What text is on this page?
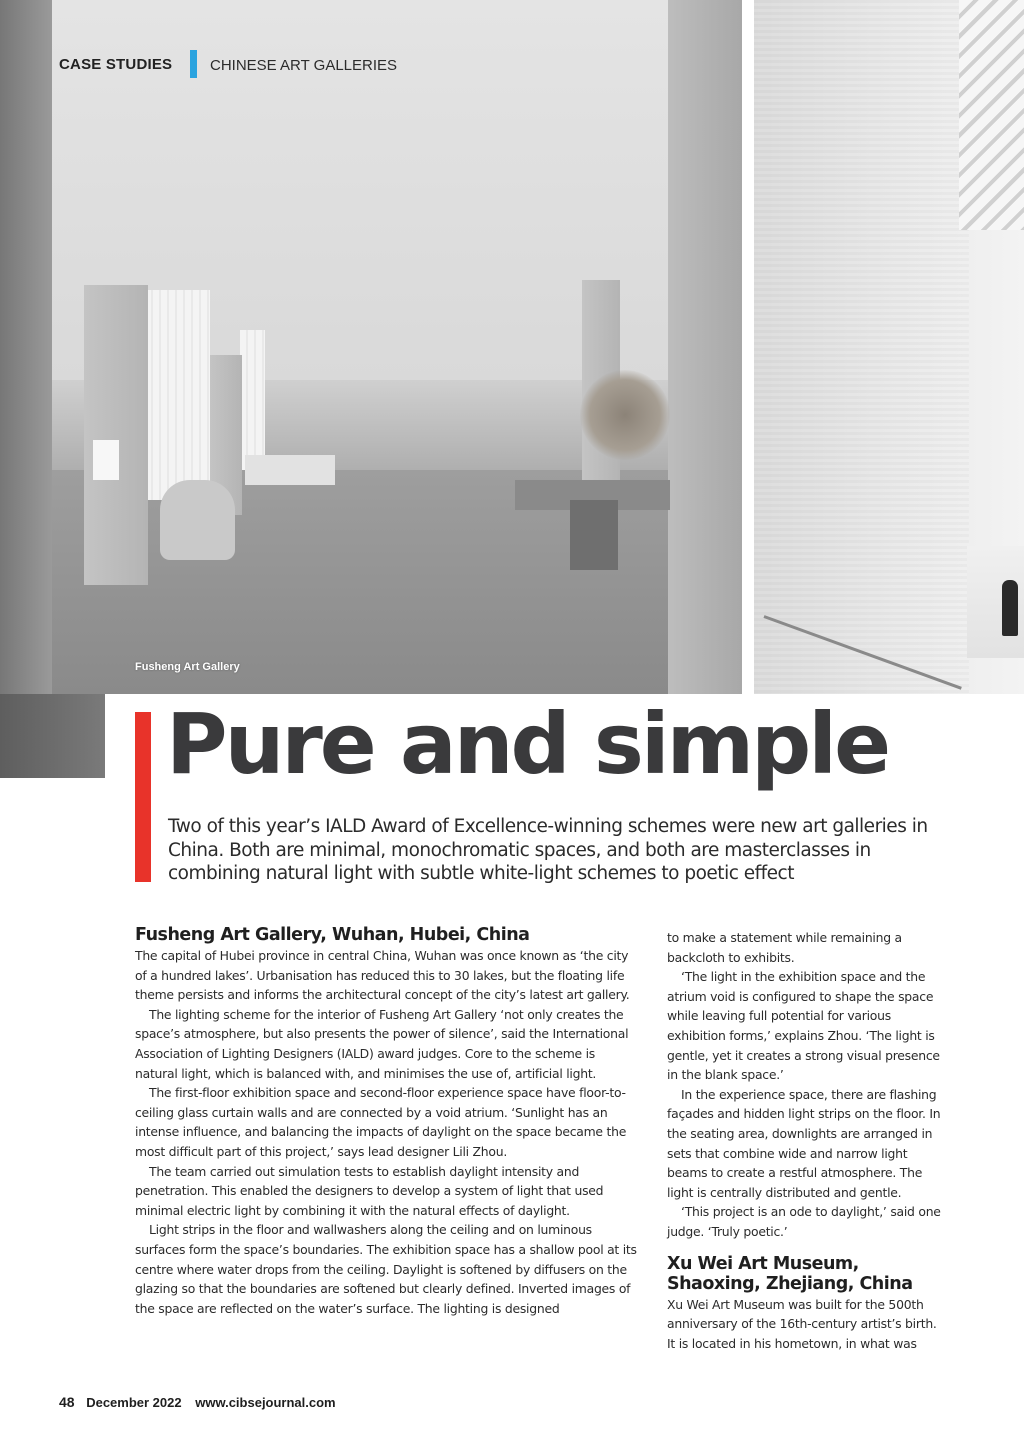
CASE STUDIES	CHINESE ART GALLERIES
Fusheng Art Gallery
Pure and simple

Two of this year’s IALD Award of Excellence-winning schemes were new art galleries in China. Both are minimal, monochromatic spaces, and both are masterclasses in combining natural light with subtle white-light schemes to poetic effect

Fusheng Art Gallery, Wuhan, Hubei, China

The capital of Hubei province in central China, Wuhan was once known as ‘the city of a hundred lakes’. Urbanisation has reduced this to 30 lakes, but the floating life theme persists and informs the architectural concept of the city’s latest art gallery.

The lighting scheme for the interior of Fusheng Art Gallery ‘not only creates the space’s atmosphere, but also presents the power of silence’, said the International Association of Lighting Designers (IALD) award judges. Core to the scheme is natural light, which is balanced with, and minimises the use of, artificial light.

The first-floor exhibition space and second-floor experience space have floor-to-ceiling glass curtain walls and are connected by a void atrium. ‘Sunlight has an intense influence, and balancing the impacts of daylight on the space became the most difficult part of this project,’ says lead designer Lili Zhou.

The team carried out simulation tests to establish daylight intensity and penetration. This enabled the designers to develop a system of light that used minimal electric light by combining it with the natural effects of daylight.

Light strips in the floor and wallwashers along the ceiling and on luminous surfaces form the space’s boundaries. The exhibition space has a shallow pool at its centre where water drops from the ceiling. Daylight is softened by diffusers on the glazing so that the boundaries are softened but clearly defined. Inverted images of the space are reflected on the water’s surface. The lighting is designed

to make a statement while remaining a backcloth to exhibits.

‘The light in the exhibition space and the atrium void is configured to shape the space while leaving full potential for various exhibition forms,’ explains Zhou. ‘The light is gentle, yet it creates a strong visual presence in the blank space.’

In the experience space, there are flashing façades and hidden light strips on the floor. In the seating area, downlights are arranged in sets that combine wide and narrow light beams to create a restful atmosphere. The light is centrally distributed and gentle.

‘This project is an ode to daylight,’ said one judge. ‘Truly poetic.’

Xu Wei Art Museum, Shaoxing, Zhejiang, China

Xu Wei Art Museum was built for the 500th anniversary of the 16th-century artist’s birth. It is located in his hometown, in what was

48 December 2022 www.cibsejournal.com
